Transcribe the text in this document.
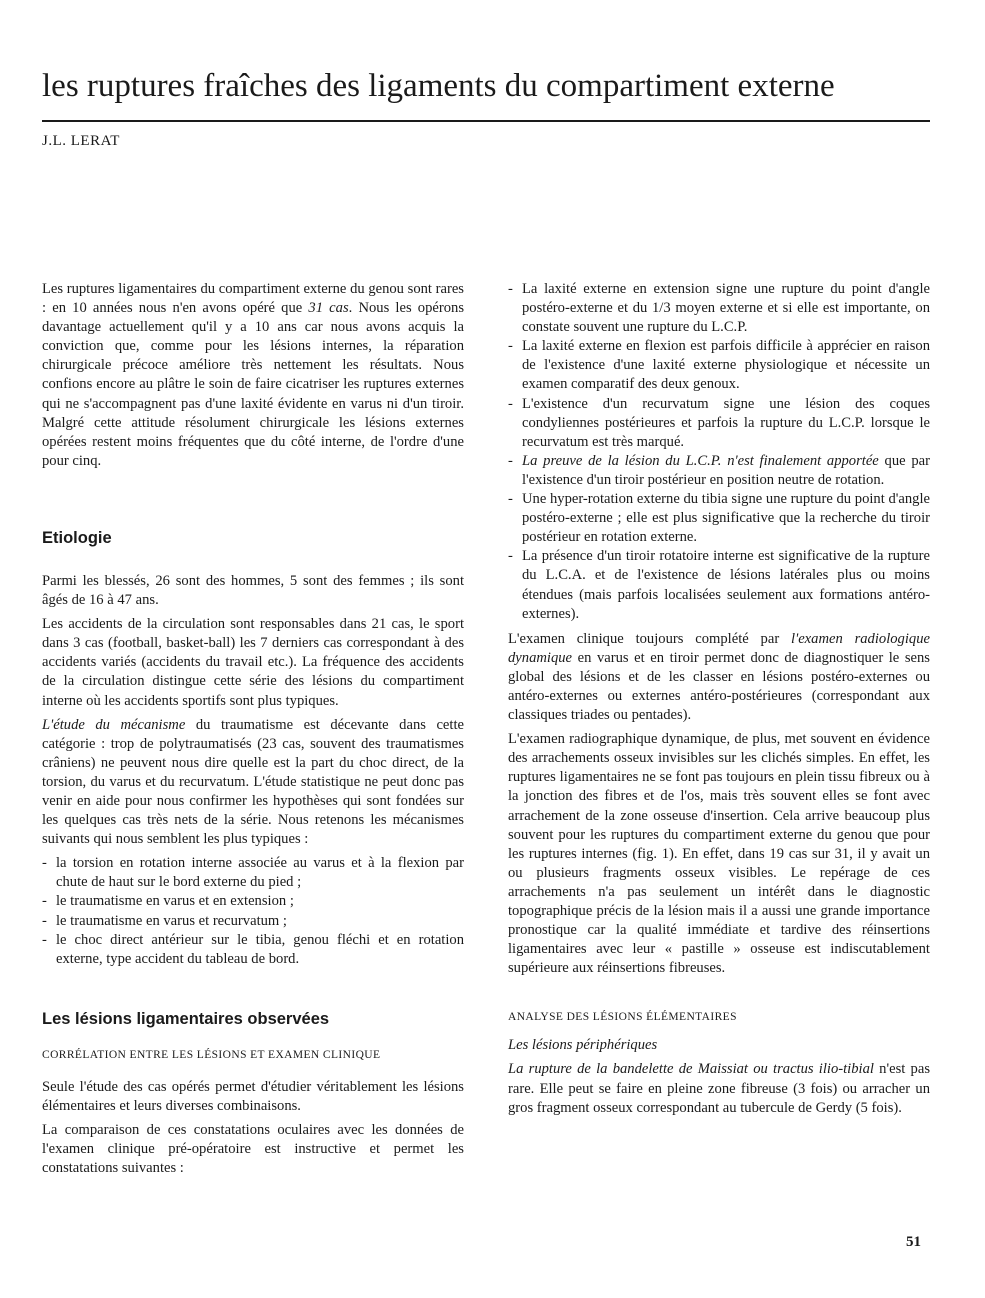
les ruptures fraîches des ligaments du compartiment externe
J.L. LERAT

Les ruptures ligamentaires du compartiment externe du genou sont rares : en 10 années nous n'en avons opéré que 31 cas. Nous les opérons davantage actuellement qu'il y a 10 ans car nous avons acquis la conviction que, comme pour les lésions internes, la réparation chirurgicale précoce améliore très nettement les résultats. Nous confions encore au plâtre le soin de faire cicatriser les ruptures externes qui ne s'accompagnent pas d'une laxité évidente en varus ni d'un tiroir. Malgré cette attitude résolument chirurgicale les lésions externes opérées restent moins fréquentes que du côté interne, de l'ordre d'une pour cinq.

Etiologie

Parmi les blessés, 26 sont des hommes, 5 sont des femmes ; ils sont âgés de 16 à 47 ans.

Les accidents de la circulation sont responsables dans 21 cas, le sport dans 3 cas (football, basket-ball) les 7 derniers cas correspondant à des accidents variés (accidents du travail etc.). La fréquence des accidents de la circulation distingue cette série des lésions du compartiment interne où les accidents sportifs sont plus typiques.

L'étude du mécanisme du traumatisme est décevante dans cette catégorie : trop de polytraumatisés (23 cas, souvent des traumatismes crâniens) ne peuvent nous dire quelle est la part du choc direct, de la torsion, du varus et du recurvatum. L'étude statistique ne peut donc pas venir en aide pour nous confirmer les hypothèses qui sont fondées sur les quelques cas très nets de la série. Nous retenons les mécanismes suivants qui nous semblent les plus typiques :

- la torsion en rotation interne associée au varus et à la flexion par chute de haut sur le bord externe du pied ;
- le traumatisme en varus et en extension ;
- le traumatisme en varus et recurvatum ;
- le choc direct antérieur sur le tibia, genou fléchi et en rotation externe, type accident du tableau de bord.
Les lésions ligamentaires observées

CORRÉLATION ENTRE LES LÉSIONS ET EXAMEN CLINIQUE

Seule l'étude des cas opérés permet d'étudier véritablement les lésions élémentaires et leurs diverses combinaisons.

La comparaison de ces constatations oculaires avec les données de l'examen clinique pré-opératoire est instructive et permet les constatations suivantes :

- La laxité externe en extension signe une rupture du point d'angle postéro-externe et du 1/3 moyen externe et si elle est importante, on constate souvent une rupture du L.C.P.
- La laxité externe en flexion est parfois difficile à apprécier en raison de l'existence d'une laxité externe physiologique et nécessite un examen comparatif des deux genoux.
- L'existence d'un recurvatum signe une lésion des coques condyliennes postérieures et parfois la rupture du L.C.P. lorsque le recurvatum est très marqué.
- La preuve de la lésion du L.C.P. n'est finalement apportée que par l'existence d'un tiroir postérieur en position neutre de rotation.
- Une hyper-rotation externe du tibia signe une rupture du point d'angle postéro-externe ; elle est plus significative que la recherche du tiroir postérieur en rotation externe.
- La présence d'un tiroir rotatoire interne est significative de la rupture du L.C.A. et de l'existence de lésions latérales plus ou moins étendues (mais parfois localisées seulement aux formations antéro-externes).

L'examen clinique toujours complété par l'examen radiologique dynamique en varus et en tiroir permet donc de diagnostiquer le sens global des lésions et de les classer en lésions postéro-externes ou antéro-externes ou externes antéro-postérieures (correspondant aux classiques triades ou pentades).

L'examen radiographique dynamique, de plus, met souvent en évidence des arrachements osseux invisibles sur les clichés simples. En effet, les ruptures ligamentaires ne se font pas toujours en plein tissu fibreux ou à la jonction des fibres et de l'os, mais très souvent elles se font avec arrachement de la zone osseuse d'insertion. Cela arrive beaucoup plus souvent pour les ruptures du compartiment externe du genou que pour les ruptures internes (fig. 1). En effet, dans 19 cas sur 31, il y avait un ou plusieurs fragments osseux visibles. Le repérage de ces arrachements n'a pas seulement un intérêt dans le diagnostic topographique précis de la lésion mais il a aussi une grande importance pronostique car la qualité immédiate et tardive des réinsertions ligamentaires avec leur « pastille » osseuse est indiscutablement supérieure aux réinsertions fibreuses.

ANALYSE DES LÉSIONS ÉLÉMENTAIRES

Les lésions périphériques

La rupture de la bandelette de Maissiat ou tractus ilio-tibial n'est pas rare. Elle peut se faire en pleine zone fibreuse (3 fois) ou arracher un gros fragment osseux correspondant au tubercule de Gerdy (5 fois).

51
